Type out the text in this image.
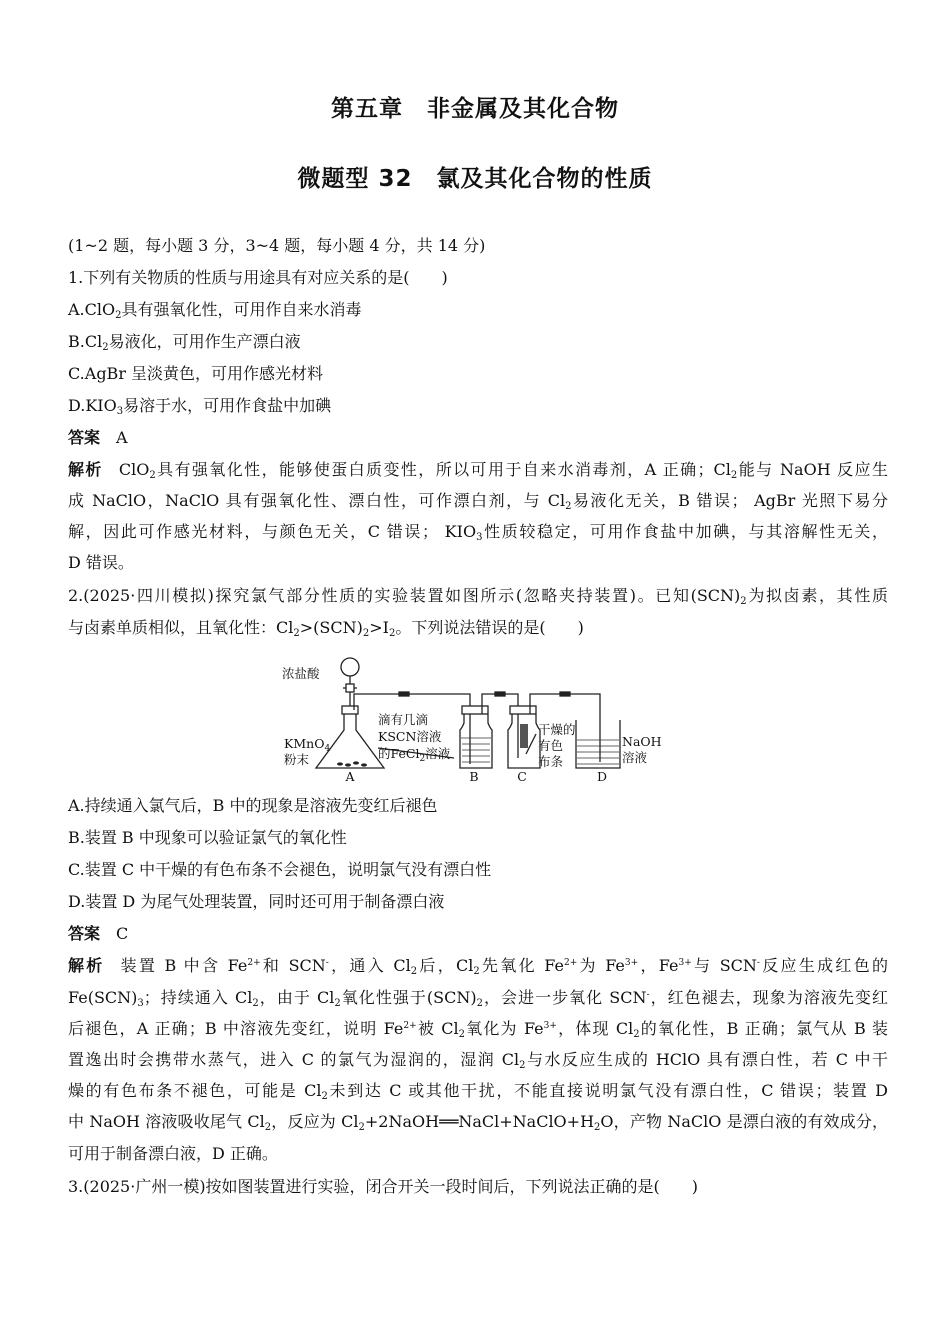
第五章　非金属及其化合物
微题型 32　氯及其化合物的性质
(1~2 题，每小题 3 分，3~4 题，每小题 4 分，共 14 分)
1.下列有关物质的性质与用途具有对应关系的是(　　)
A.ClO$_2$具有强氧化性，可用作自来水消毒
$B.Cl_2$易液化，可用作生产漂白液
C.AgBr 呈淡黄色，可用作感光材料
$D.KIO_3$易溶于水，可用作食盐中加碘
答案 A
解析 ClO$_2$具有强氧化性，能够使蛋白质变性，所以可用于自来水消毒剂，A 正确；$Cl_2$能与 NaOH 反应生
成 NaClO，NaClO 具有强氧化性、漂白性，可作漂白剂，与 $Cl_2$易液化无关，B 错误； AgBr 光照下易分
解，因此可作感光材料，与颜色无关，C 错误； $KIO_3$性质较稳定，可用作食盐中加碘，与其溶解性无关，
D 错误。
2.(2025·四川模拟)探究氯气部分性质的实验装置如图所示(忽略夹持装置)。已知$(SCN)_2$为拟卤素，其性质
与卤素单质相似，且氧化性：$Cl_2>(SCN)_2>I_2$。下列说法错误的是(　　)
浓盐酸
KMnO$_4$
粉末
滴有几滴
KSCN溶液
的FeCl$_2$溶液
干燥的
有色
布条
NaOH
溶液
A	B	C	D
A.持续通入氯气后，B 中的现象是溶液先变红后褪色
B.装置 B 中现象可以验证氯气的氧化性
C.装置 C 中干燥的有色布条不会褪色，说明氯气没有漂白性
D.装置 D 为尾气处理装置，同时还可用于制备漂白液
答案 C
解析 装置 B 中含 $Fe^{2+}$和 SCN-，通入 $Cl_2$后，$Cl_2$先氧化 $Fe^{2+}$为 $Fe^{3+}$，$Fe^{3+}$与 SCN-反应生成红色的
$Fe(SCN)_3$；持续通入 $Cl_2$，由于 $Cl_2$氧化性强于$(SCN)_2$，会进一步氧化 SCN-，红色褪去，现象为溶液先变红
后褪色，A 正确；B 中溶液先变红，说明 $Fe^{2+}$被 $Cl_2$氧化为 $Fe^{3+}$，体现 $Cl_2$的氧化性，B 正确；氯气从 B 装
置逸出时会携带水蒸气，进入 C 的氯气为湿润的，湿润 $Cl_2$与水反应生成的 HClO 具有漂白性，若 C 中干
燥的有色布条不褪色，可能是 $Cl_2$未到达 C 或其他干扰，不能直接说明氯气没有漂白性，C 错误；装置 D
中 NaOH 溶液吸收尾气 $Cl_2$，反应为 $Cl_2+2NaOH══NaCl+NaClO+H_2O$，产物 NaClO 是漂白液的有效成分，
可用于制备漂白液，D 正确。
3.(2025·广州一模)按如图装置进行实验，闭合开关一段时间后，下列说法正确的是(　　)
